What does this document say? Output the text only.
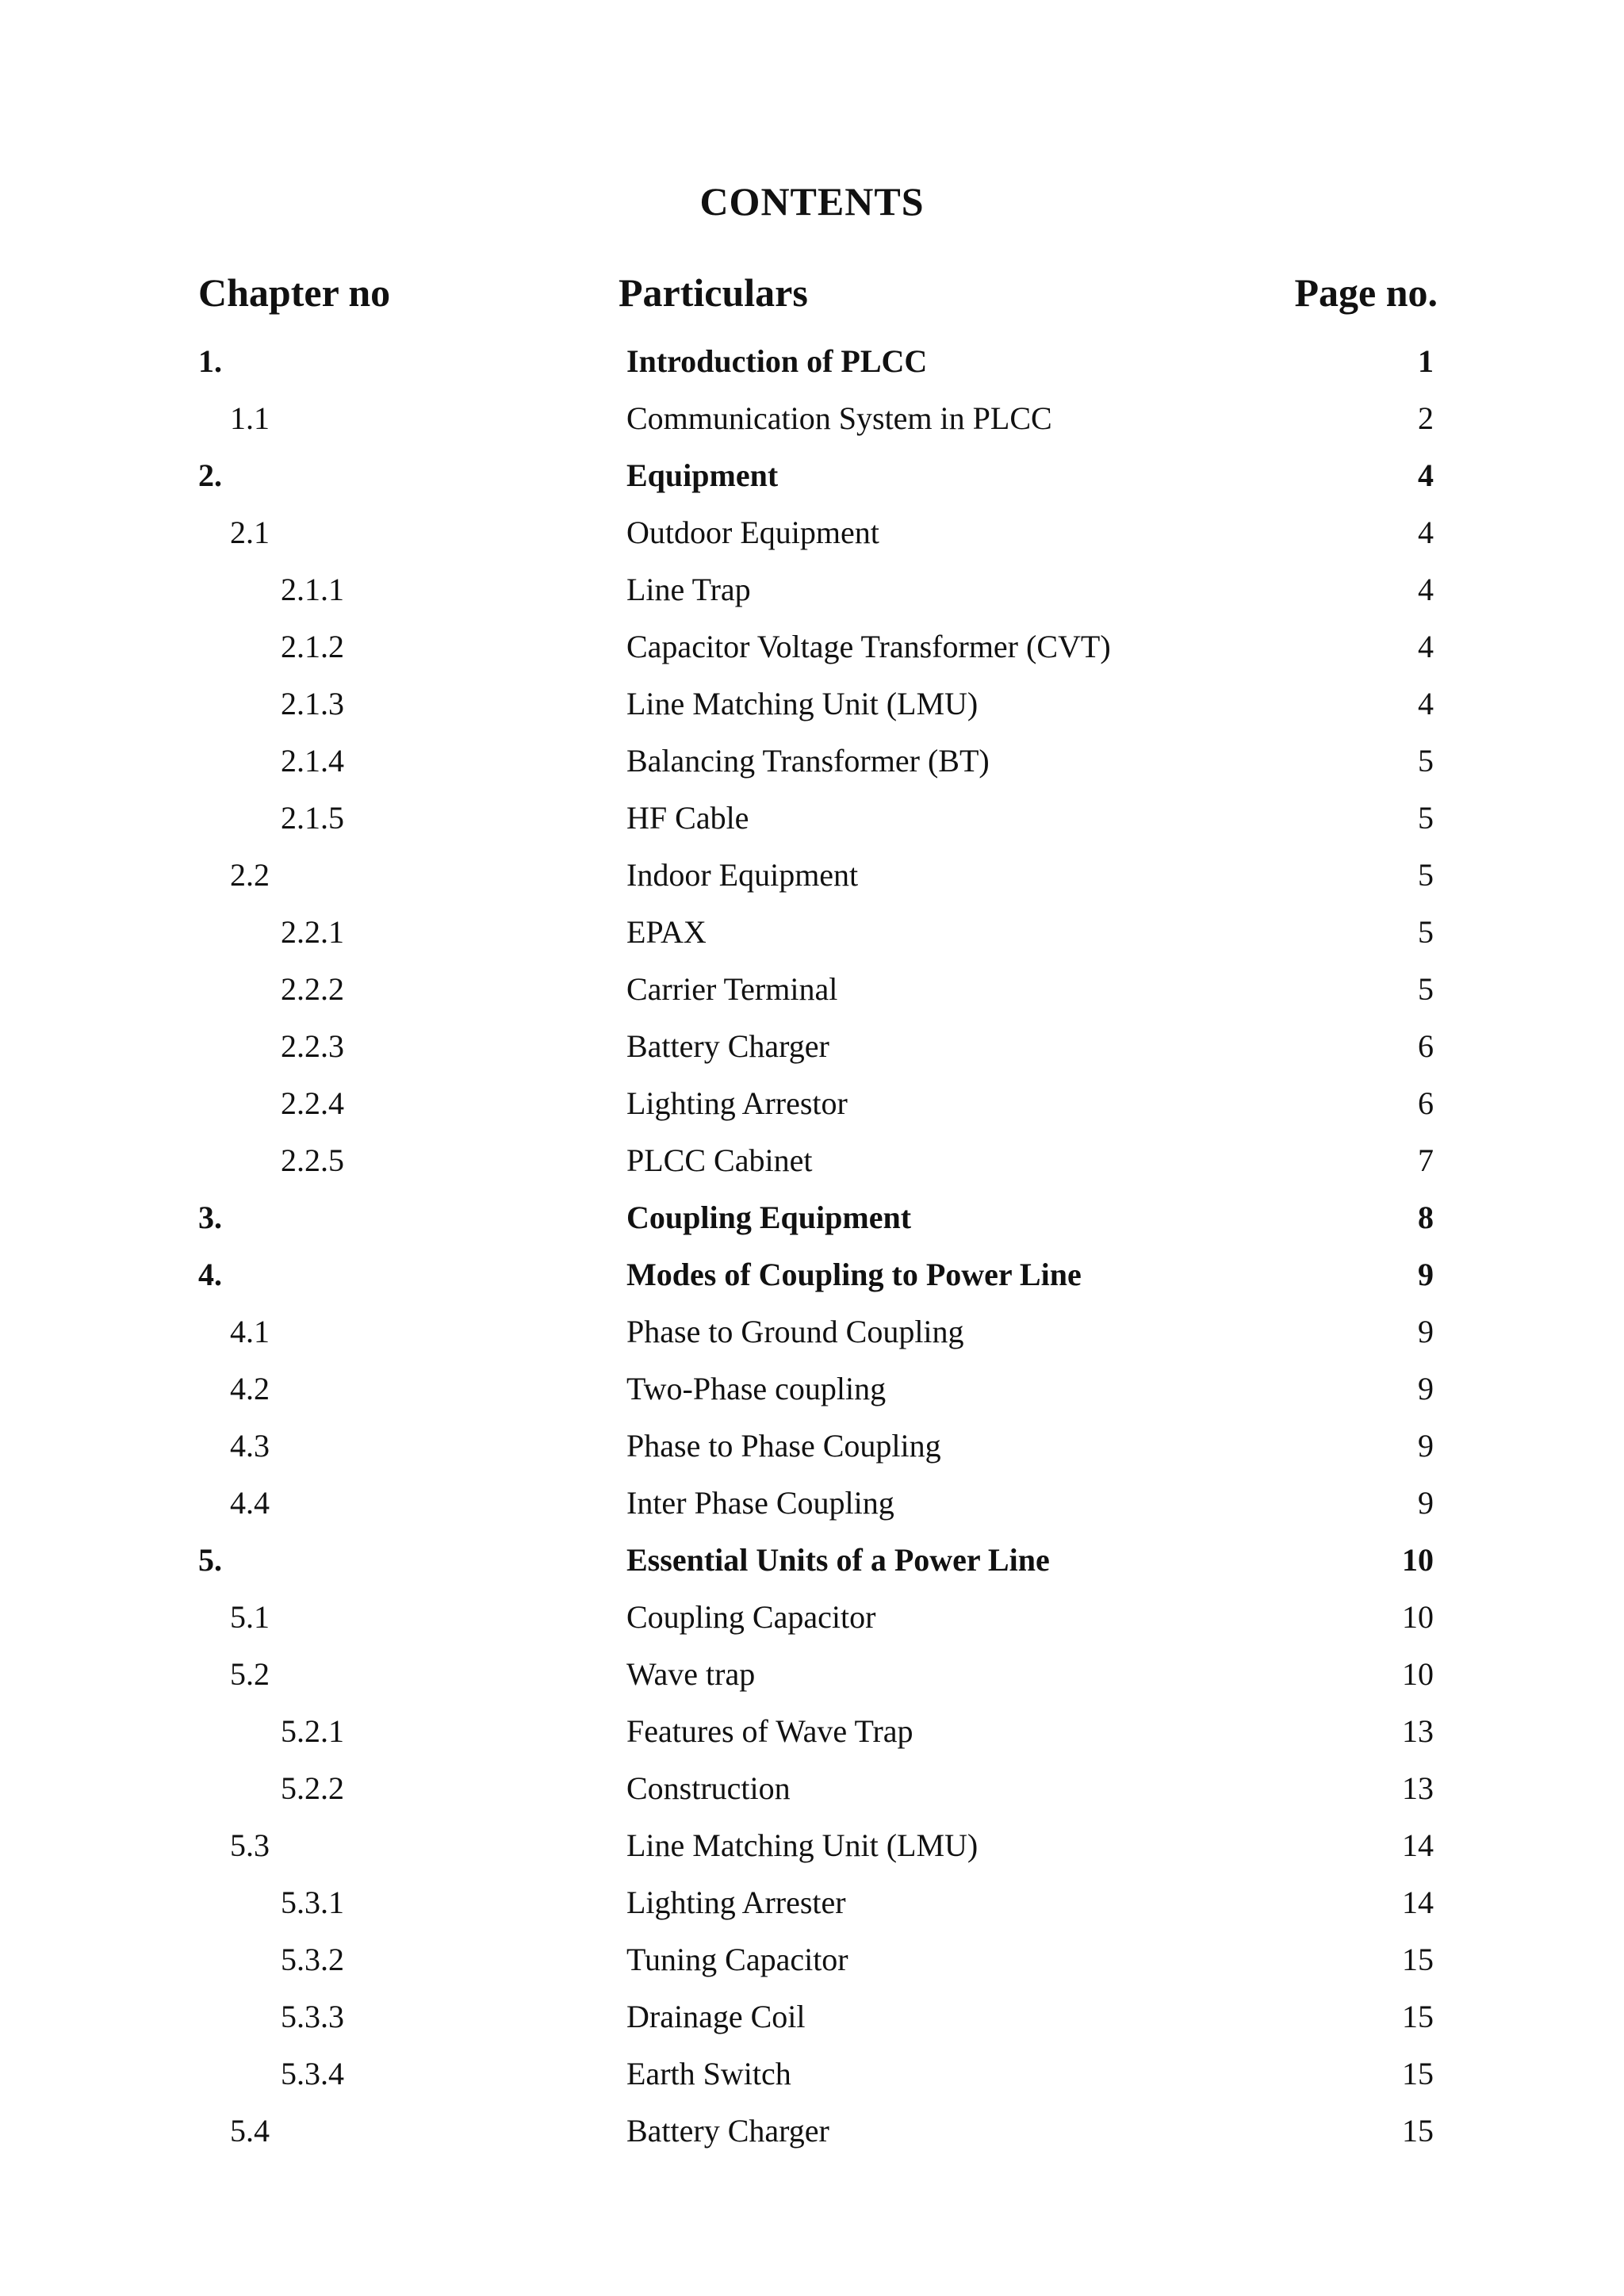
CONTENTS
Chapter no	Particulars	Page no.
1.	Introduction of PLCC	1
1.1	Communication System in PLCC	2
2.	Equipment	4
2.1	Outdoor Equipment	4
2.1.1	Line Trap	4
2.1.2	Capacitor Voltage Transformer (CVT)	4
2.1.3	Line Matching Unit (LMU)	4
2.1.4	Balancing Transformer (BT)	5
2.1.5	HF Cable	5
2.2	Indoor Equipment	5
2.2.1	EPAX	5
2.2.2	Carrier Terminal	5
2.2.3	Battery Charger	6
2.2.4	Lighting Arrestor	6
2.2.5	PLCC Cabinet	7
3.	Coupling Equipment	8
4.	Modes of Coupling to Power Line	9
4.1	Phase to Ground Coupling	9
4.2	Two-Phase coupling	9
4.3	Phase to Phase Coupling	9
4.4	Inter Phase Coupling	9
5.	Essential Units of a Power Line	10
5.1	Coupling Capacitor	10
5.2	Wave trap	10
5.2.1	Features of Wave Trap	13
5.2.2	Construction	13
5.3	Line Matching Unit (LMU)	14
5.3.1	Lighting Arrester	14
5.3.2	Tuning Capacitor	15
5.3.3	Drainage Coil	15
5.3.4	Earth Switch	15
5.4	Battery Charger	15
